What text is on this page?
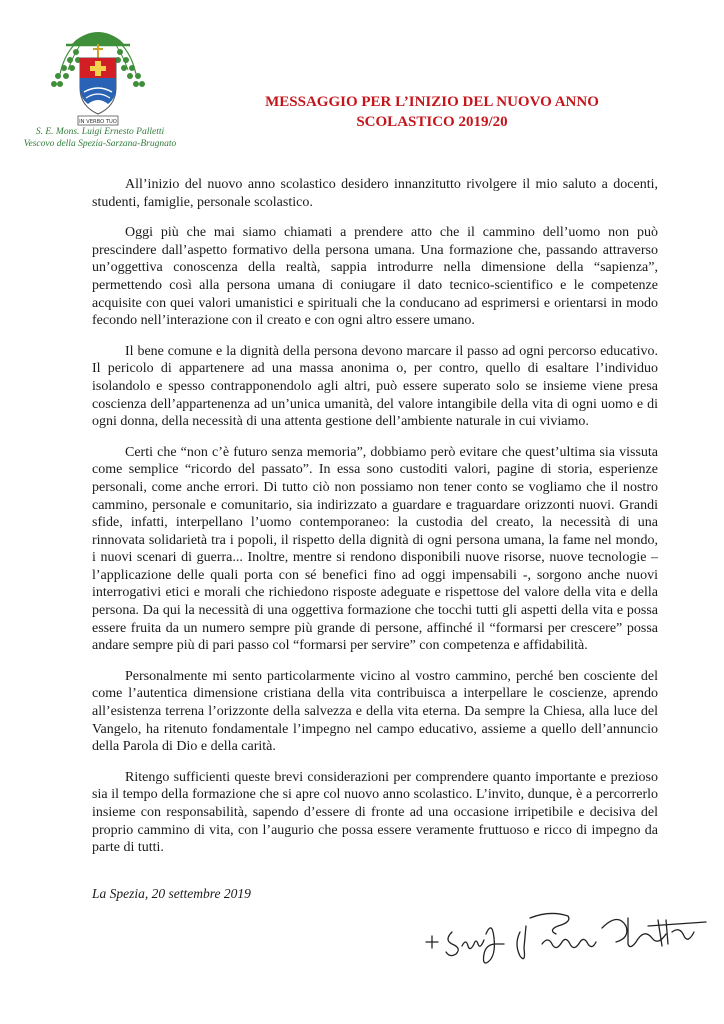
IN VERBO TUO
S. E. Mons. Luigi Ernesto Palletti
Vescovo della Spezia-Sarzana-Brugnato
MESSAGGIO PER L’INIZIO DEL NUOVO ANNO
SCOLASTICO 2019/20

All’inizio del nuovo anno scolastico desidero innanzitutto rivolgere il mio saluto a docenti, studenti, famiglie, personale scolastico.

Oggi più che mai siamo chiamati a prendere atto che il cammino dell’uomo non può prescindere dall’aspetto formativo della persona umana. Una formazione che, passando attraverso un’oggettiva conoscenza della realtà, sappia introdurre nella dimensione della “sapienza”, permettendo così alla persona umana di coniugare il dato tecnico-scientifico e le competenze acquisite con quei valori umanistici e spirituali che la conducano ad esprimersi e orientarsi in modo fecondo nell’interazione con il creato e con ogni altro essere umano.

Il bene comune e la dignità della persona devono marcare il passo ad ogni percorso educativo. Il pericolo di appartenere ad una massa anonima o, per contro, quello di esaltare l’individuo isolandolo e spesso contrapponendolo agli altri, può essere superato solo se insieme viene presa coscienza dell’appartenenza ad un’unica umanità, del valore intangibile della vita di ogni uomo e di ogni donna, della necessità di una attenta gestione dell’ambiente naturale in cui viviamo.

Certi che “non c’è futuro senza memoria”, dobbiamo però evitare che quest’ultima sia vissuta come semplice “ricordo del passato”. In essa sono custoditi valori, pagine di storia, esperienze personali, come anche errori. Di tutto ciò non possiamo non tener conto se vogliamo che il nostro cammino, personale e comunitario, sia indirizzato a guardare e traguardare orizzonti nuovi. Grandi sfide, infatti, interpellano l’uomo contemporaneo: la custodia del creato, la necessità di una rinnovata solidarietà tra i popoli, il rispetto della dignità di ogni persona umana, la fame nel mondo, i nuovi scenari di guerra... Inoltre, mentre si rendono disponibili nuove risorse, nuove tecnologie – l’applicazione delle quali porta con sé benefici fino ad oggi impensabili -, sorgono anche nuovi interrogativi etici e morali che richiedono risposte adeguate e rispettose del valore della vita e della persona. Da qui la necessità di una oggettiva formazione che tocchi tutti gli aspetti della vita e possa essere fruita da un numero sempre più grande di persone, affinché il “formarsi per crescere” possa andare sempre più di pari passo col “formarsi per servire” con competenza e affidabilità.

Personalmente mi sento particolarmente vicino al vostro cammino, perché ben cosciente del come l’autentica dimensione cristiana della vita contribuisca a interpellare le coscienze, aprendo all’esistenza terrena l’orizzonte della salvezza e della vita eterna. Da sempre la Chiesa, alla luce del Vangelo, ha ritenuto fondamentale l’impegno nel campo educativo, assieme a quello dell’annuncio della Parola di Dio e della carità.

Ritengo sufficienti queste brevi considerazioni per comprendere quanto importante e prezioso sia il tempo della formazione che si apre col nuovo anno scolastico. L’invito, dunque, è a percorrerlo insieme con responsabilità, sapendo d’essere di fronte ad una occasione irripetibile e decisiva del proprio cammino di vita, con l’augurio che possa essere veramente fruttuoso e ricco di impegno da parte di tutti.

La Spezia, 20 settembre 2019
